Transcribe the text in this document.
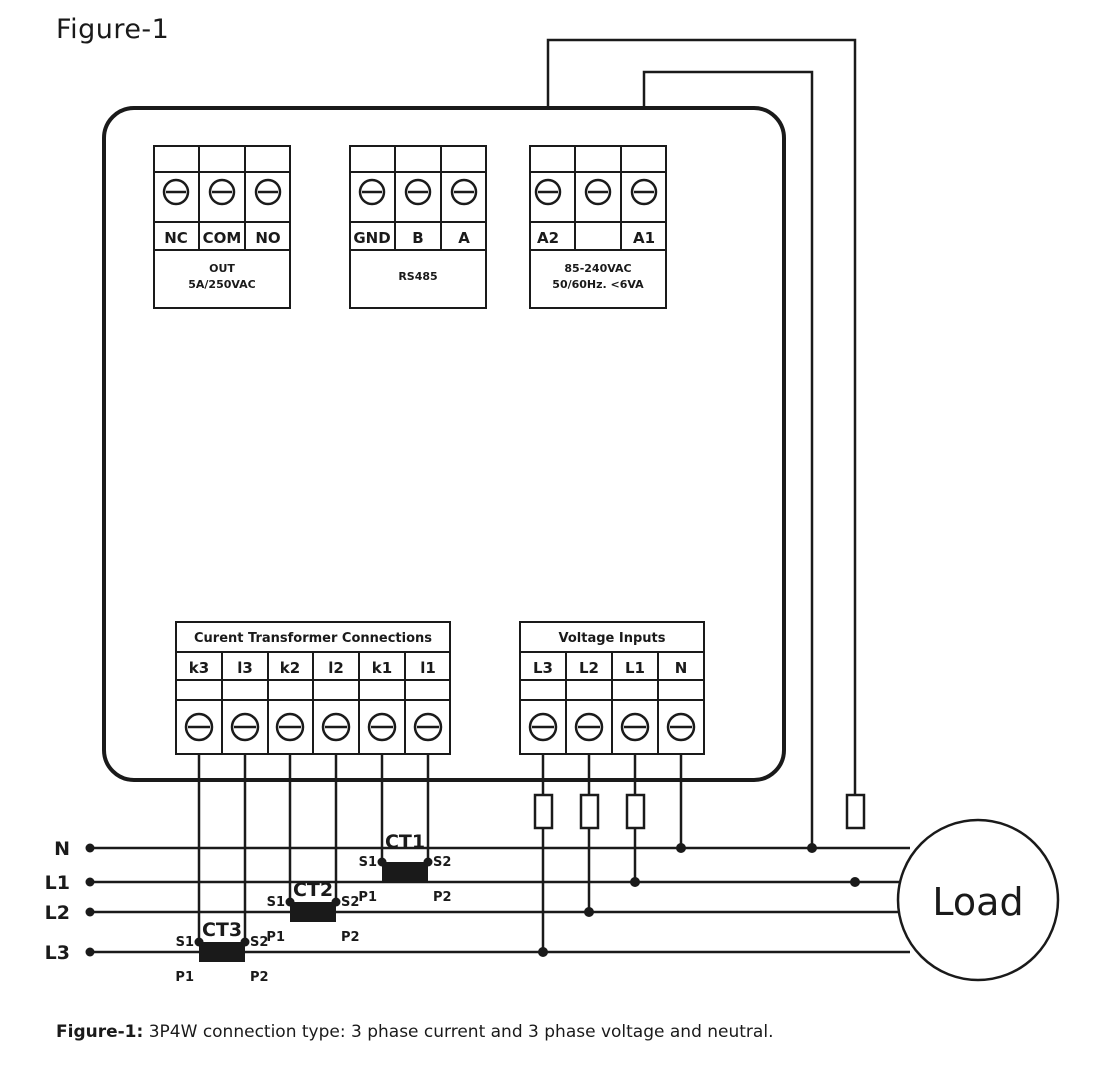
Figure-1
NC COM NO
OUT
5A/250VAC
GND B A
RS485
A2	A1
85-240VAC
50/60Hz. <6VA
Curent Transformer Connections
k3 l3 k2 l2 k1 l1
Voltage Inputs
L3 L2 L1 N
N
L1
L2
L3
CT1
S1	S2
P1	P2
CT2
S1	S2
P1	P2
CT3
S1	S2
P1	P2
Load
Figure-1: 3P4W connection type: 3 phase current and 3 phase voltage and neutral.
